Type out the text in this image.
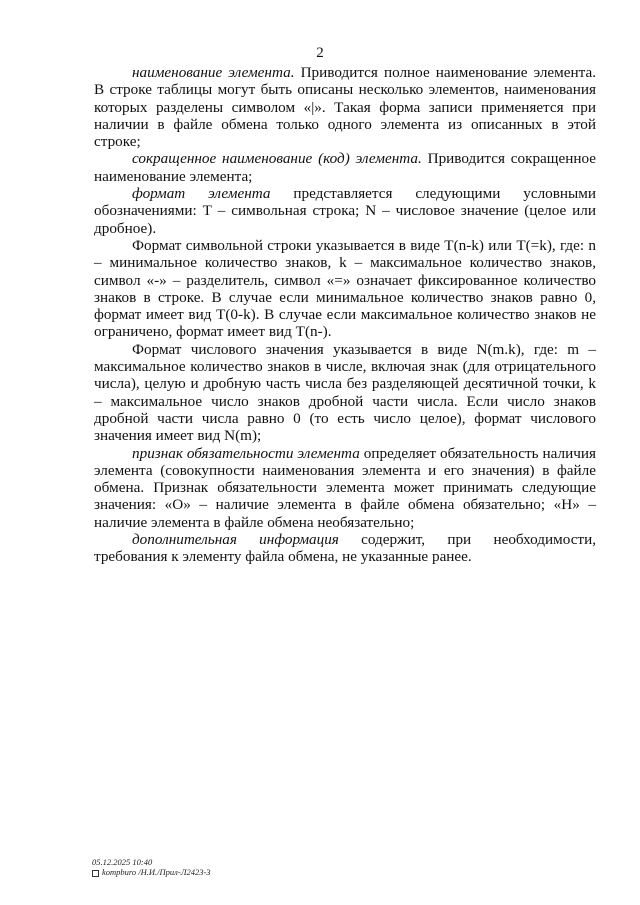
2

наименование элемента. Приводится полное наименование элемента. В строке таблицы могут быть описаны несколько элементов, наименования которых разделены символом «|». Такая форма записи применяется при наличии в файле обмена только одного элемента из описанных в этой строке;

сокращенное наименование (код) элемента. Приводится сокращенное наименование элемента;

формат элемента представляется следующими условными обозначениями: Т – символьная строка; N – числовое значение (целое или дробное).

Формат символьной строки указывается в виде T(n-k) или T(=k), где: n – минимальное количество знаков, k – максимальное количество знаков, символ «-» – разделитель, символ «=» означает фиксированное количество знаков в строке. В случае если минимальное количество знаков равно 0, формат имеет вид T(0-k). В случае если максимальное количество знаков не ограничено, формат имеет вид T(n-).

Формат числового значения указывается в виде N(m.k), где: m – максимальное количество знаков в числе, включая знак (для отрицательного числа), целую и дробную часть числа без разделяющей десятичной точки, k – максимальное число знаков дробной части числа. Если число знаков дробной части числа равно 0 (то есть число целое), формат числового значения имеет вид N(m);

признак обязательности элемента определяет обязательность наличия элемента (совокупности наименования элемента и его значения) в файле обмена. Признак обязательности элемента может принимать следующие значения: «О» – наличие элемента в файле обмена обязательно; «Н» – наличие элемента в файле обмена необязательно;

дополнительная информация содержит, при необходимости, требования к элементу файла обмена, не указанные ранее.

05.12.2025 10:40
kompburo /Н.И./Прил-Л2423-3
